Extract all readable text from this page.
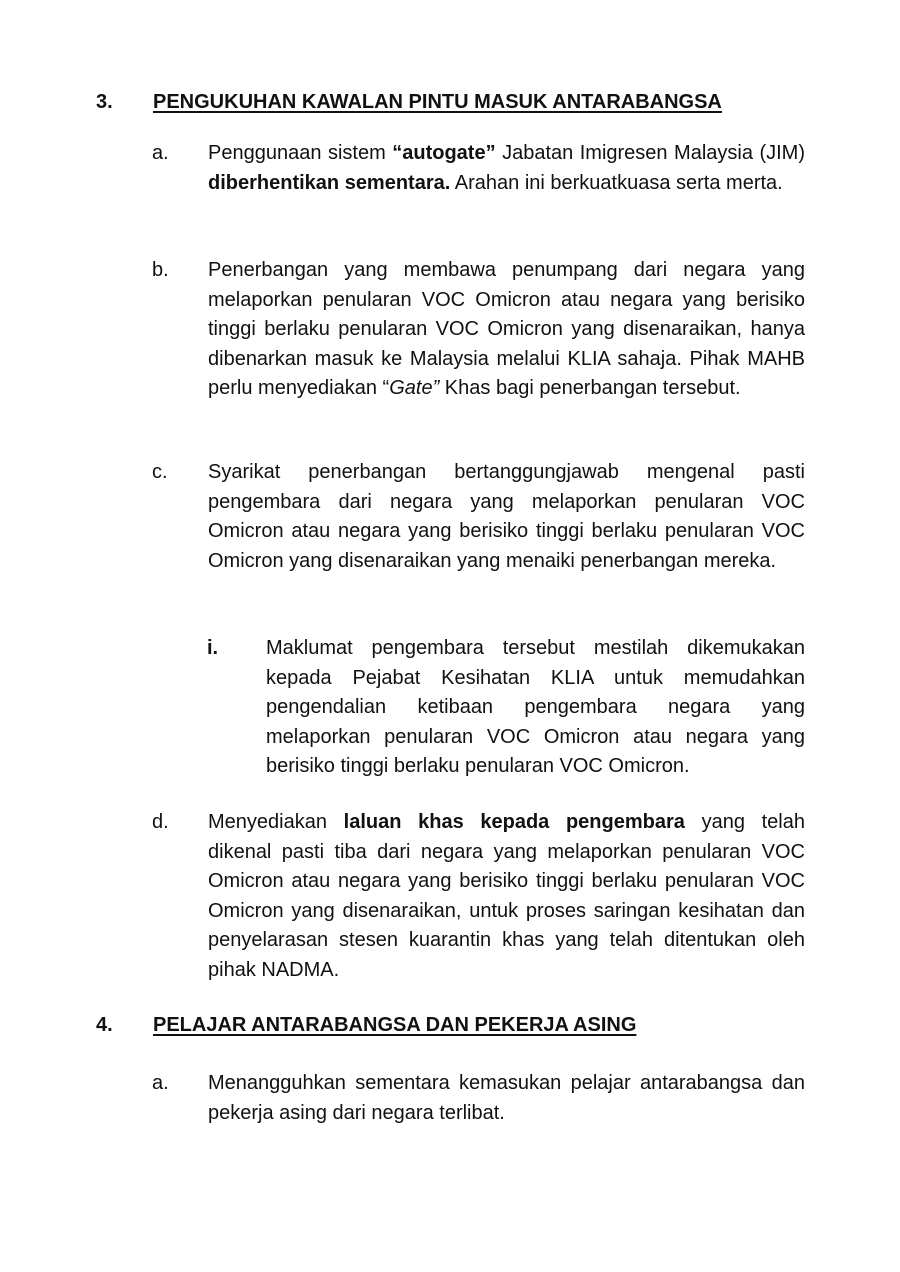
3. PENGUKUHAN KAWALAN PINTU MASUK ANTARABANGSA
a. Penggunaan sistem “autogate” Jabatan Imigresen Malaysia (JIM) diberhentikan sementara. Arahan ini berkuatkuasa serta merta.
b. Penerbangan yang membawa penumpang dari negara yang melaporkan penularan VOC Omicron atau negara yang berisiko tinggi berlaku penularan VOC Omicron yang disenaraikan, hanya dibenarkan masuk ke Malaysia melalui KLIA sahaja. Pihak MAHB perlu menyediakan “Gate” Khas bagi penerbangan tersebut.
c. Syarikat penerbangan bertanggungjawab mengenal pasti pengembara dari negara yang melaporkan penularan VOC Omicron atau negara yang berisiko tinggi berlaku penularan VOC Omicron yang disenaraikan yang menaiki penerbangan mereka.
i. Maklumat pengembara tersebut mestilah dikemukakan kepada Pejabat Kesihatan KLIA untuk memudahkan pengendalian ketibaan pengembara negara yang melaporkan penularan VOC Omicron atau negara yang berisiko tinggi berlaku penularan VOC Omicron.
d. Menyediakan laluan khas kepada pengembara yang telah dikenal pasti tiba dari negara yang melaporkan penularan VOC Omicron atau negara yang berisiko tinggi berlaku penularan VOC Omicron yang disenaraikan, untuk proses saringan kesihatan dan penyelarasan stesen kuarantin khas yang telah ditentukan oleh pihak NADMA.
4. PELAJAR ANTARABANGSA DAN PEKERJA ASING
a. Menangguhkan sementara kemasukan pelajar antarabangsa dan pekerja asing dari negara terlibat.
